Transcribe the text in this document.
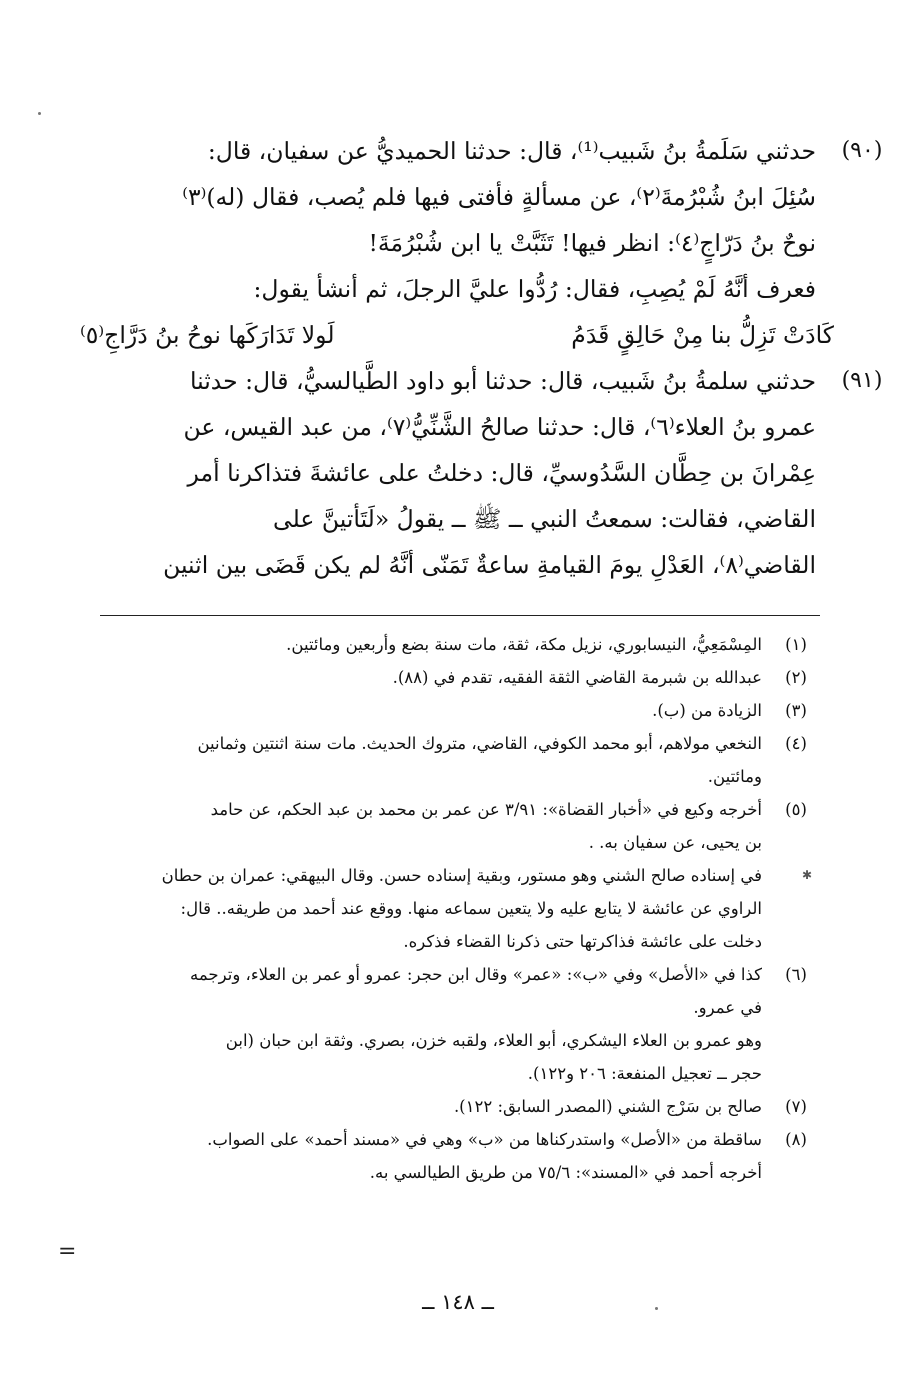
(٩٠)
حدثني سَلَمةُ بنُ شَبيب⁽¹⁾، قال: حدثنا الحميديُّ عن سفيان، قال:
سُئِلَ ابنُ شُبْرُمةَ⁽٢⁾، عن مسألةٍ فأفتى فيها فلم يُصب، فقال (له)⁽٣⁾
نوحٌ بنُ دَرّاجٍ⁽٤⁾: انظر فيها! تَثَبَّتْ يا ابن شُبْرُمَةَ!
فعرف أنَّهُ لَمْ يُصِبِ، فقال: رُدُّوا عليَّ الرجلَ، ثم أنشأ يقول:
كَادَتْ تَزِلُّ بنا مِنْ حَالِقٍ قَدَمُ
لَولا تَدَارَكَها نوحُ بنُ دَرَّاجِ⁽٥⁾
(٩١)
حدثني سلمةُ بنُ شَبيب، قال: حدثنا أبو داود الطَّيالسيُّ، قال: حدثنا
عمرو بنُ العلاء⁽٦⁾، قال: حدثنا صالحُ الشَّنِّيُّ⁽٧⁾، من عبد القيس، عن
عِمْرانَ بن حِطَّان السَّدُوسيِّ، قال: دخلتُ على عائشةَ فتذاكرنا أمر
القاضي، فقالت: سمعتُ النبي ــ ﷺ ــ يقولُ «لَتَأتينَّ على
القاضي⁽٨⁾، العَدْلِ يومَ القيامةِ ساعةٌ تَمَنّى أنَّهُ لم يكن قَضَى بين اثنين
(١)
المِسْمَعِيُّ، النيسابوري، نزيل مكة، ثقة، مات سنة بضع وأربعين ومائتين.
(٢)
عبدالله بن شبرمة القاضي الثقة الفقيه، تقدم في (٨٨).
(٣)
الزيادة من (ب).
(٤)
النخعي مولاهم، أبو محمد الكوفي، القاضي، متروك الحديث. مات سنة اثنتين وثمانين
ومائتين.
(٥)
أخرجه وكيع في «أخبار القضاة»: ٣/٩١ عن عمر بن محمد بن عبد الحكم، عن حامد
بن يحيى، عن سفيان به. .
✱
في إسناده صالح الشني وهو مستور، وبقية إسناده حسن. وقال البيهقي: عمران بن حطان
الراوي عن عائشة لا يتابع عليه ولا يتعين سماعه منها. ووقع عند أحمد من طريقه.. قال:
دخلت على عائشة فذاكرتها حتى ذكرنا القضاء فذكره.
(٦)
كذا في «الأصل» وفي «ب»: «عمر» وقال ابن حجر: عمرو أو عمر بن العلاء، وترجمه
في عمرو.
وهو عمرو بن العلاء اليشكري، أبو العلاء، ولقبه خزن، بصري. وثقة ابن حبان (ابن
حجر ــ تعجيل المنفعة: ٢٠٦ و١٢٢).
(٧)
صالح بن سَرْج الشني (المصدر السابق: ١٢٢).
(٨)
ساقطة من «الأصل» واستدركناها من «ب» وهي في «مسند أحمد» على الصواب.
أخرجه أحمد في «المسند»: ٧٥/٦ من طريق الطيالسي به.
=
ــ ١٤٨ ــ
